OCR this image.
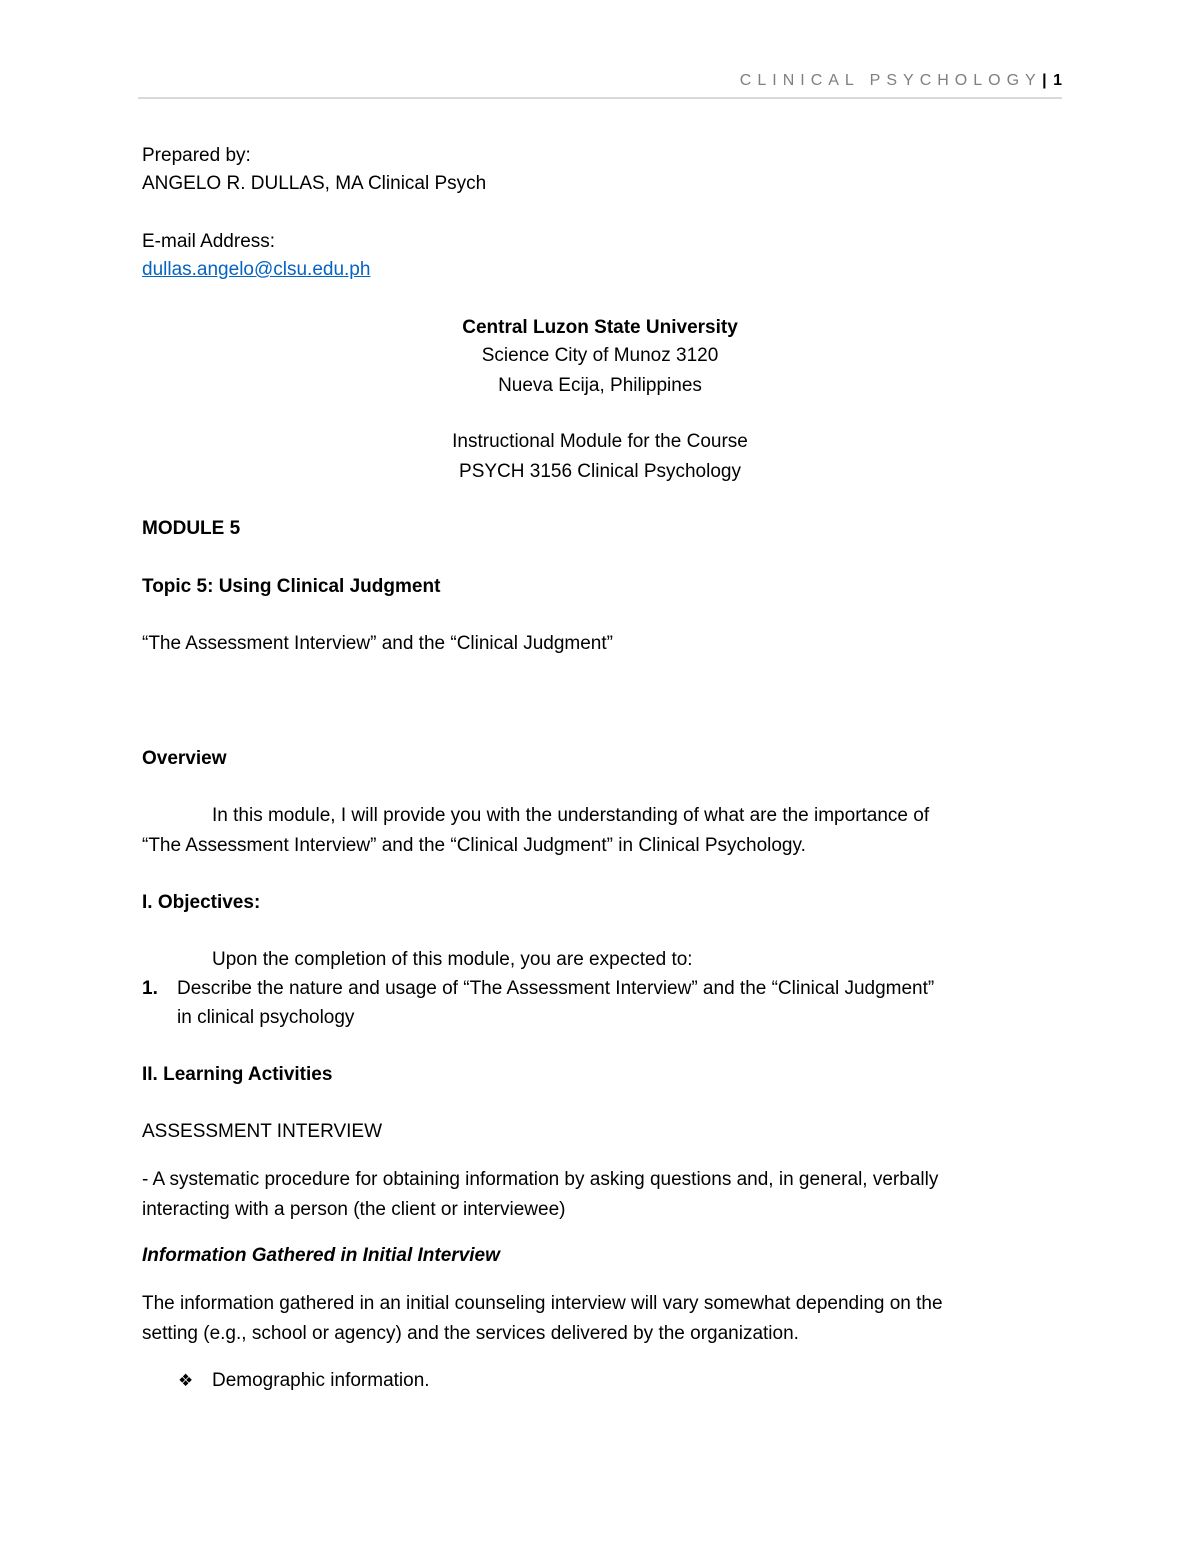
CLINICAL PSYCHOLOGY | 1
Prepared by:
ANGELO R. DULLAS, MA Clinical Psych
E-mail Address:
dullas.angelo@clsu.edu.ph
Central Luzon State University
Science City of Munoz 3120
Nueva Ecija, Philippines
Instructional Module for the Course
PSYCH 3156 Clinical Psychology
MODULE 5
Topic 5: Using Clinical Judgment
“The Assessment Interview” and the “Clinical Judgment”
Overview
In this module, I will provide you with the understanding of what are the importance of
“The Assessment Interview” and the “Clinical Judgment” in Clinical Psychology.
I. Objectives:
Upon the completion of this module, you are expected to:
1. Describe the nature and usage of “The Assessment Interview” and the “Clinical Judgment”
in clinical psychology
II. Learning Activities
ASSESSMENT INTERVIEW
- A systematic procedure for obtaining information by asking questions and, in general, verbally
interacting with a person (the client or interviewee)
Information Gathered in Initial Interview
The information gathered in an initial counseling interview will vary somewhat depending on the
setting (e.g., school or agency) and the services delivered by the organization.
❖ Demographic information.
